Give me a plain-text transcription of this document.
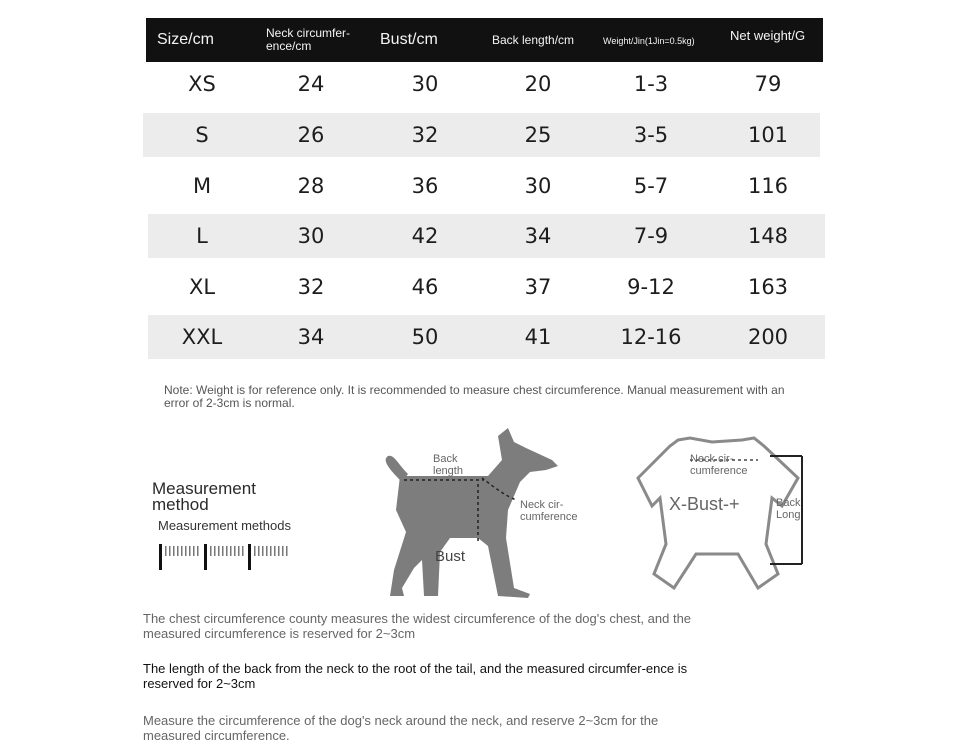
Size/cm	Neck circumfer-ence/cm	Bust/cm	Back length/cm	Weight/Jin(1Jin=0.5kg)	Net weight/G
XS	24	30	20	1-3	79
S	26	32	25	3-5	101
M	28	36	30	5-7	116
L	30	42	34	7-9	148
XL	32	46	37	9-12	163
XXL	34	50	41	12-16	200
Note: Weight is for reference only. It is recommended to measure chest circumference. Manual measurement with an error of 2-3cm is normal.
Measurement method
Measurement methods
Back length
Neck cir- cumference
Bust
Neck cir- cumference
X-Bust-+	Back Long
The chest circumference county measures the widest circumference of the dog's chest, and the measured circumference is reserved for 2~3cm
The length of the back from the neck to the root of the tail, and the measured circumfer-ence is reserved for 2~3cm
Measure the circumference of the dog's neck around the neck, and reserve 2~3cm for the measured circumference.
